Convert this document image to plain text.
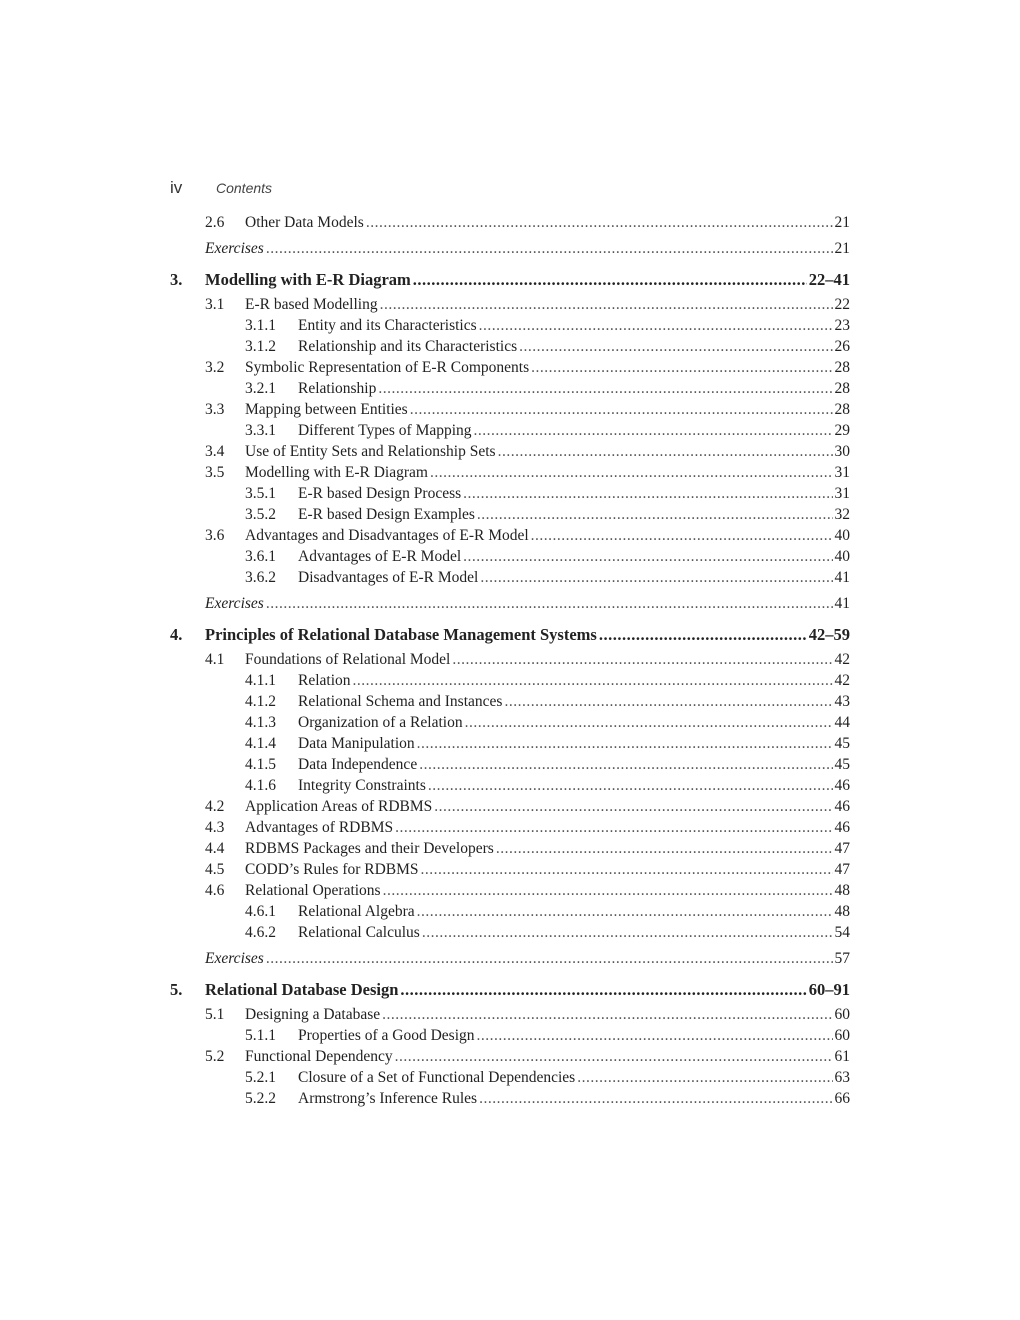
iv Contents
2.6	Other Data Models .....	21
Exercises .....	21
3.	Modelling with E-R Diagram .....	22–41
3.1	E-R based Modelling .....	22
3.1.1	Entity and its Characteristics .....	23
3.1.2	Relationship and its Characteristics .....	26
3.2	Symbolic Representation of E-R Components .....	28
3.2.1	Relationship .....	28
3.3	Mapping between Entities .....	28
3.3.1	Different Types of Mapping .....	29
3.4	Use of Entity Sets and Relationship Sets .....	30
3.5	Modelling with E-R Diagram .....	31
3.5.1	E-R based Design Process .....	31
3.5.2	E-R based Design Examples .....	32
3.6	Advantages and Disadvantages of E-R Model .....	40
3.6.1	Advantages of E-R Model .....	40
3.6.2	Disadvantages of E-R Model .....	41
Exercises .....	41
4.	Principles of Relational Database Management Systems .....	42–59
4.1	Foundations of Relational Model .....	42
4.1.1	Relation .....	42
4.1.2	Relational Schema and Instances .....	43
4.1.3	Organization of a Relation .....	44
4.1.4	Data Manipulation .....	45
4.1.5	Data Independence .....	45
4.1.6	Integrity Constraints .....	46
4.2	Application Areas of RDBMS .....	46
4.3	Advantages of RDBMS .....	46
4.4	RDBMS Packages and their Developers .....	47
4.5	CODD’s Rules for RDBMS .....	47
4.6	Relational Operations .....	48
4.6.1	Relational Algebra .....	48
4.6.2	Relational Calculus .....	54
Exercises .....	57
5.	Relational Database Design .....	60–91
5.1	Designing a Database .....	60
5.1.1	Properties of a Good Design .....	60
5.2	Functional Dependency .....	61
5.2.1	Closure of a Set of Functional Dependencies .....	63
5.2.2	Armstrong’s Inference Rules .....	66
